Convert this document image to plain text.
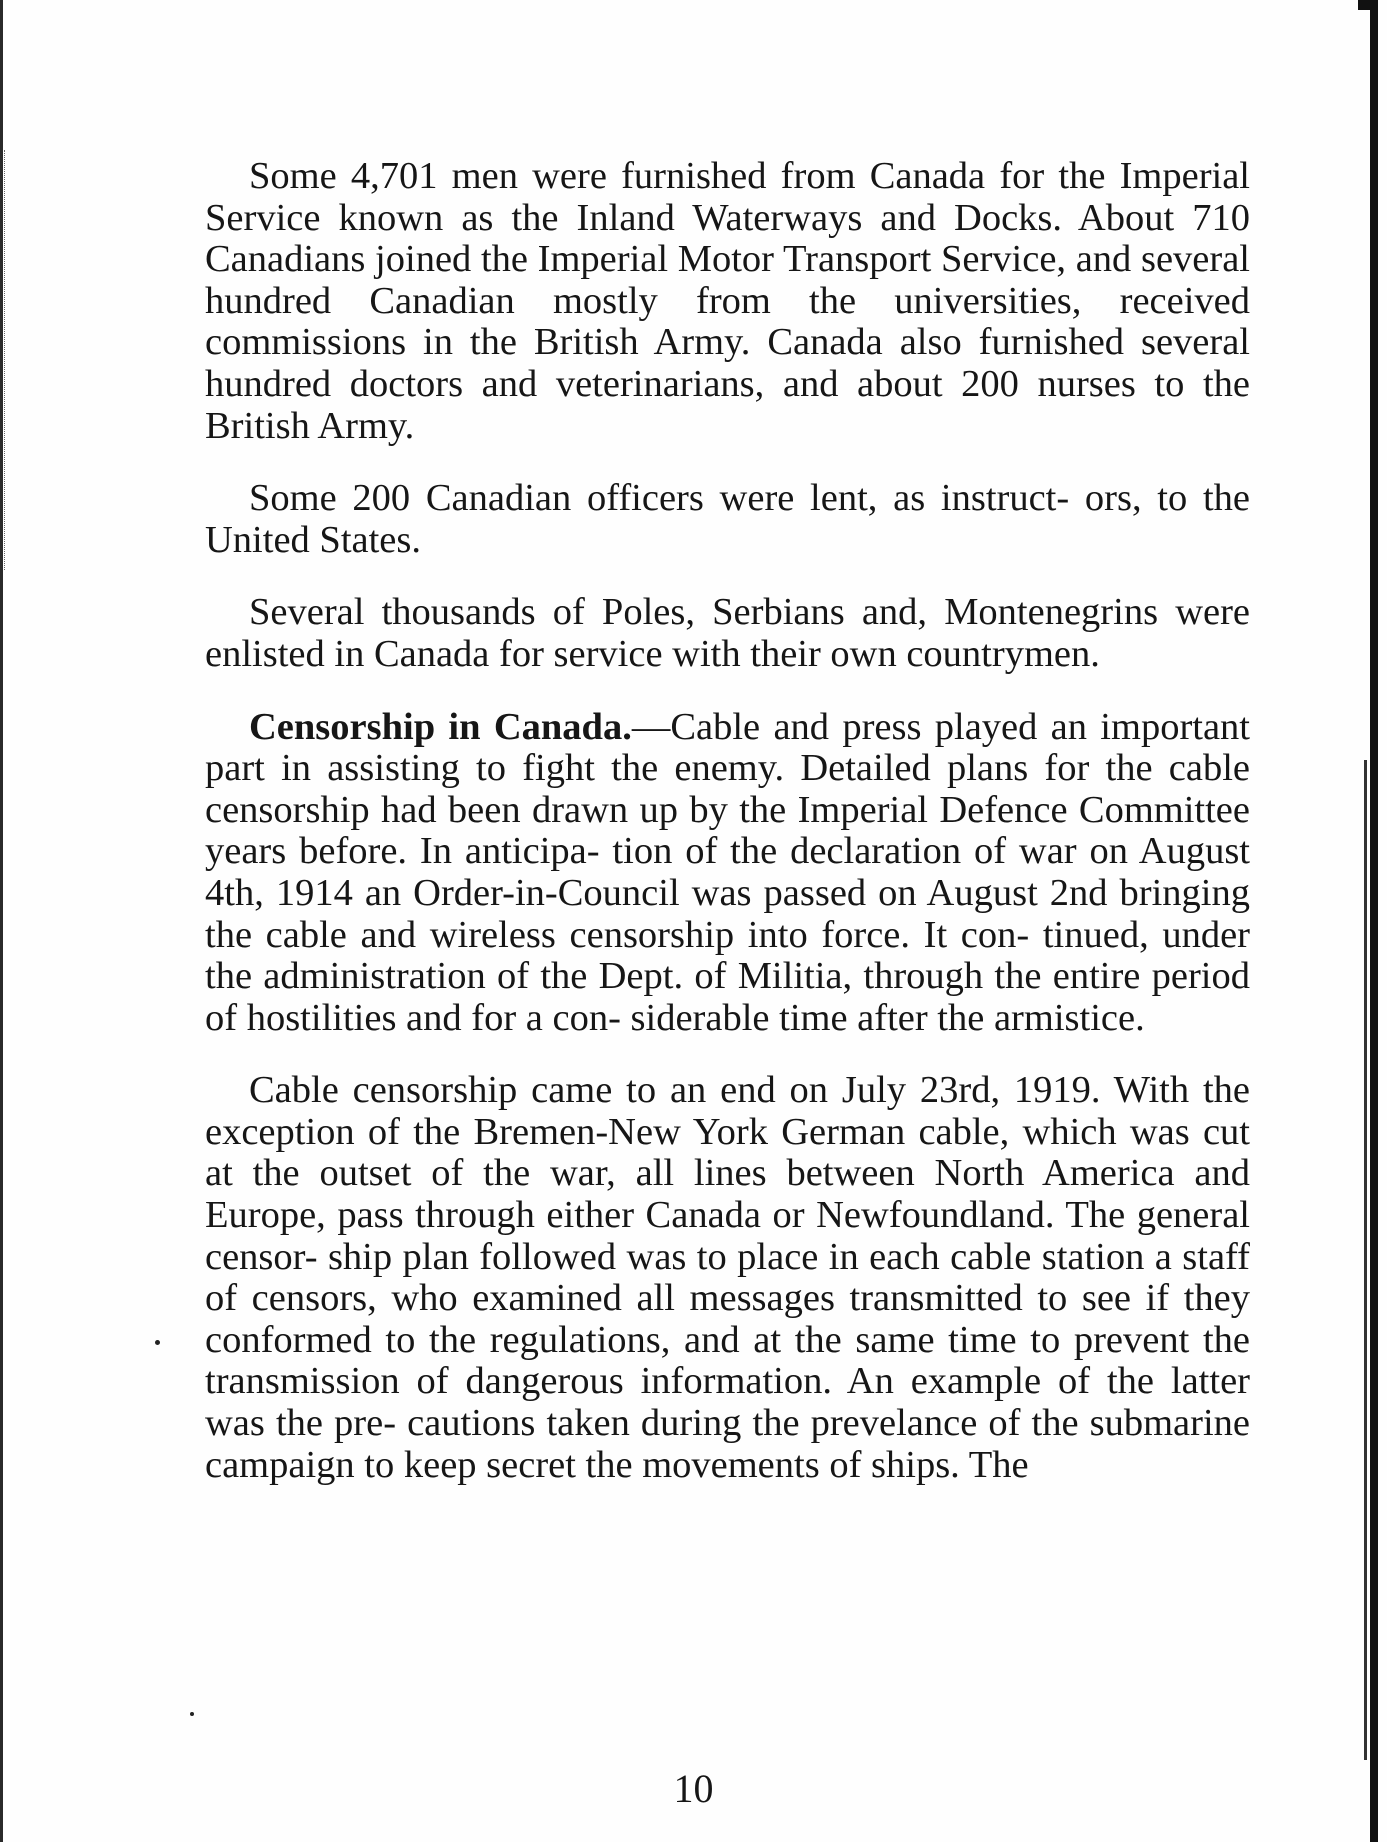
Some 4,701 men were furnished from Canada for the Imperial Service known as the Inland Waterways and Docks. About 710 Canadians joined the Imperial Motor Transport Service, and several hundred Canadian mostly from the universities, received commissions in the British Army. Canada also furnished several hundred doctors and veterinarians, and about 200 nurses to the British Army.

Some 200 Canadian officers were lent, as instruct- ors, to the United States.

Several thousands of Poles, Serbians and, Montenegrins were enlisted in Canada for service with their own countrymen.

Censorship in Canada.—Cable and press played an important part in assisting to fight the enemy. Detailed plans for the cable censorship had been drawn up by the Imperial Defence Committee years before. In anticipa- tion of the declaration of war on August 4th, 1914 an Order-in-Council was passed on August 2nd bringing the cable and wireless censorship into force. It con- tinued, under the administration of the Dept. of Militia, through the entire period of hostilities and for a con- siderable time after the armistice.

Cable censorship came to an end on July 23rd, 1919. With the exception of the Bremen-New York German cable, which was cut at the outset of the war, all lines between North America and Europe, pass through either Canada or Newfoundland. The general censor- ship plan followed was to place in each cable station a staff of censors, who examined all messages transmitted to see if they conformed to the regulations, and at the same time to prevent the transmission of dangerous information. An example of the latter was the pre- cautions taken during the prevelance of the submarine campaign to keep secret the movements of ships. The

10
